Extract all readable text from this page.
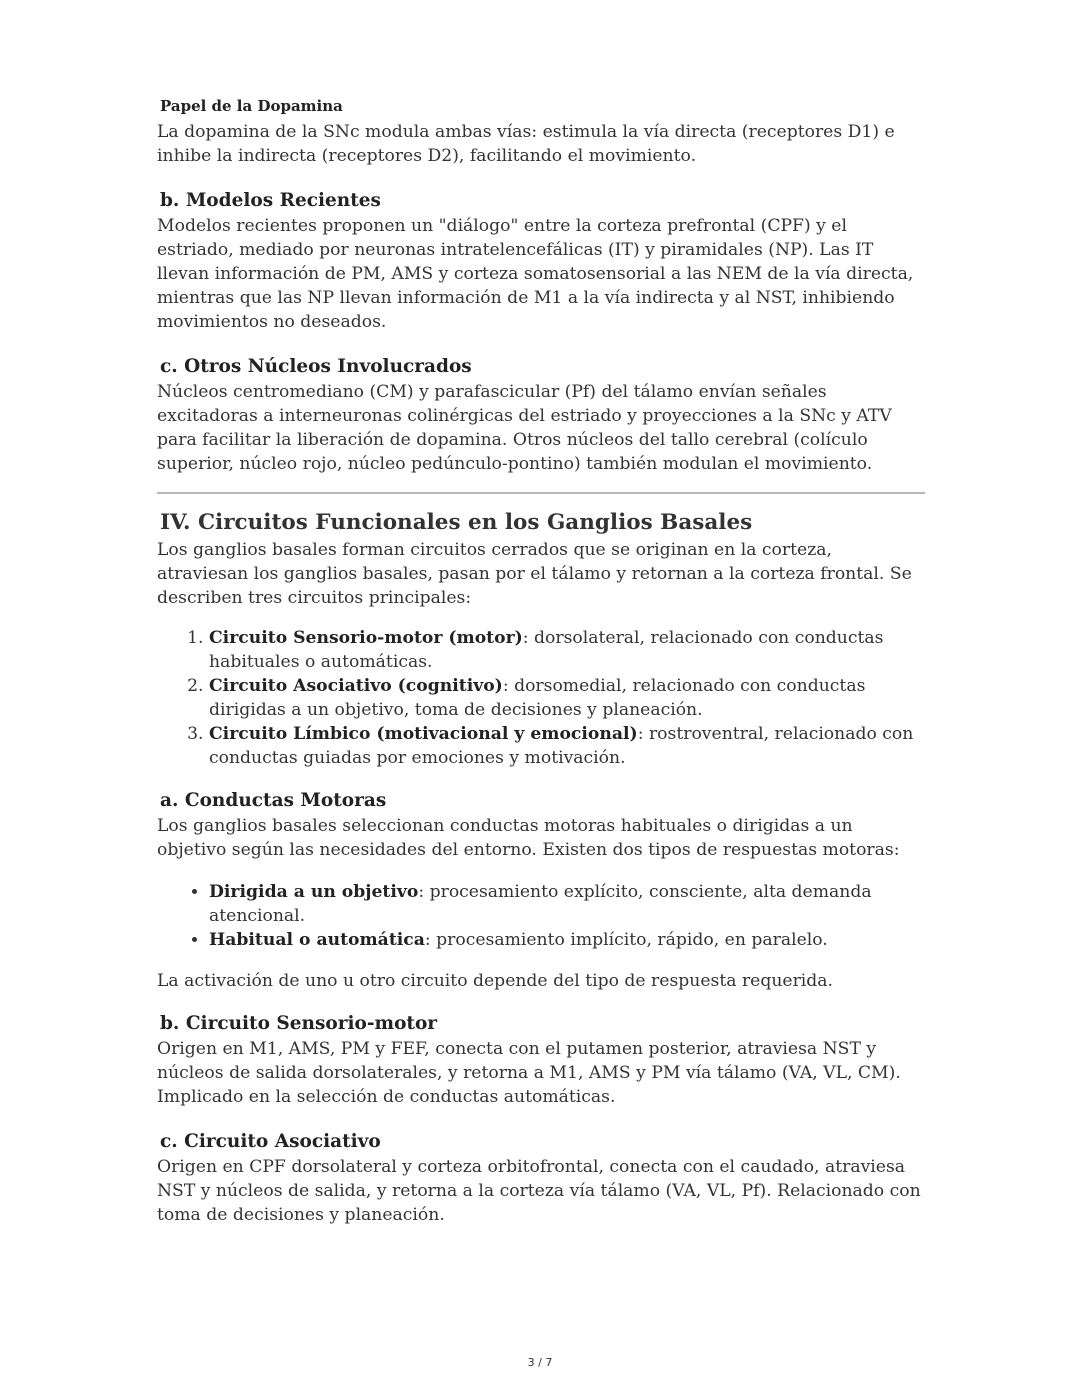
Papel de la Dopamina

La dopamina de la SNc modula ambas vías: estimula la vía directa (receptores D1) e inhibe la indirecta (receptores D2), facilitando el movimiento.

b. Modelos Recientes

Modelos recientes proponen un "diálogo" entre la corteza prefrontal (CPF) y el estriado, mediado por neuronas intratelencefálicas (IT) y piramidales (NP). Las IT llevan información de PM, AMS y corteza somatosensorial a las NEM de la vía directa, mientras que las NP llevan información de M1 a la vía indirecta y al NST, inhibiendo movimientos no deseados.

c. Otros Núcleos Involucrados

Núcleos centromediano (CM) y parafascicular (Pf) del tálamo envían señales excitadoras a interneuronas colinérgicas del estriado y proyecciones a la SNc y ATV para facilitar la liberación de dopamina. Otros núcleos del tallo cerebral (colículo superior, núcleo rojo, núcleo pedúnculo-pontino) también modulan el movimiento.

IV. Circuitos Funcionales en los Ganglios Basales

Los ganglios basales forman circuitos cerrados que se originan en la corteza, atraviesan los ganglios basales, pasan por el tálamo y retornan a la corteza frontal. Se describen tres circuitos principales:

1. Circuito Sensorio-motor (motor): dorsolateral, relacionado con conductas habituales o automáticas.
2. Circuito Asociativo (cognitivo): dorsomedial, relacionado con conductas dirigidas a un objetivo, toma de decisiones y planeación.
3. Circuito Límbico (motivacional y emocional): rostroventral, relacionado con conductas guiadas por emociones y motivación.
a. Conductas Motoras

Los ganglios basales seleccionan conductas motoras habituales o dirigidas a un objetivo según las necesidades del entorno. Existen dos tipos de respuestas motoras:

• Dirigida a un objetivo: procesamiento explícito, consciente, alta demanda atencional.
• Habitual o automática: procesamiento implícito, rápido, en paralelo.

La activación de uno u otro circuito depende del tipo de respuesta requerida.

b. Circuito Sensorio-motor

Origen en M1, AMS, PM y FEF, conecta con el putamen posterior, atraviesa NST y núcleos de salida dorsolaterales, y retorna a M1, AMS y PM vía tálamo (VA, VL, CM). Implicado en la selección de conductas automáticas.

c. Circuito Asociativo

Origen en CPF dorsolateral y corteza orbitofrontal, conecta con el caudado, atraviesa NST y núcleos de salida, y retorna a la corteza vía tálamo (VA, VL, Pf). Relacionado con toma de decisiones y planeación.

3 / 7
